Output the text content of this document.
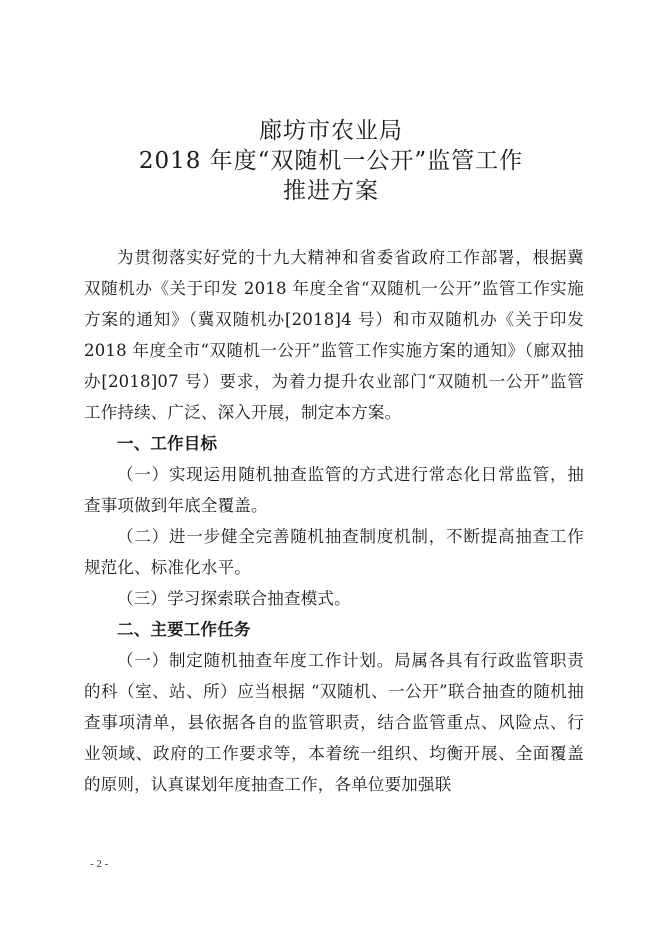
廊坊市农业局
2018 年度“双随机一公开”监管工作
推进方案

为贯彻落实好党的十九大精神和省委省政府工作部署，根据冀双随机办《关于印发 2018 年度全省“双随机一公开”监管工作实施方案的通知》（冀双随机办[2018]4 号）和市双随机办《关于印发 2018 年度全市“双随机一公开”监管工作实施方案的通知》（廊双抽办[2018]07 号）要求，为着力提升农业部门“双随机一公开”监管工作持续、广泛、深入开展，制定本方案。

一、工作目标

（一）实现运用随机抽查监管的方式进行常态化日常监管，抽查事项做到年底全覆盖。

（二）进一步健全完善随机抽查制度机制，不断提高抽查工作规范化、标准化水平。

（三）学习探索联合抽查模式。

二、主要工作任务

（一）制定随机抽查年度工作计划。局属各具有行政监管职责的科（室、站、所）应当根据 “双随机、一公开”联合抽查的随机抽查事项清单，县依据各自的监管职责，结合监管重点、风险点、行业领域、政府的工作要求等，本着统一组织、均衡开展、全面覆盖的原则，认真谋划年度抽查工作，各单位要加强联

- 2 -
